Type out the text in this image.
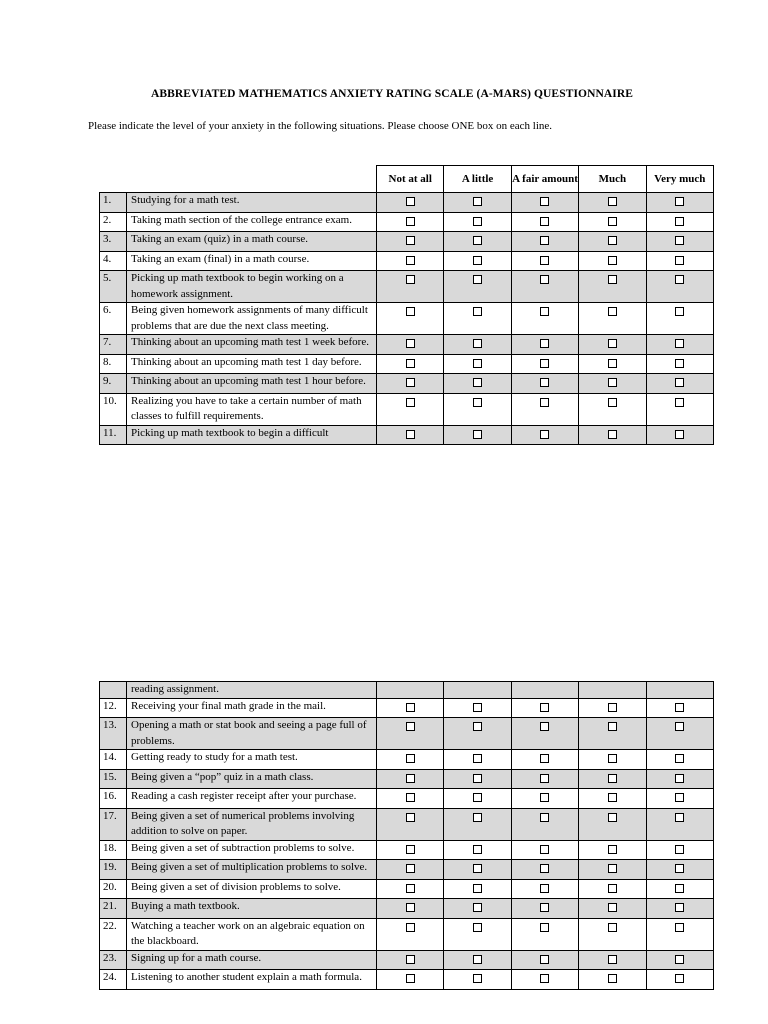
ABBREVIATED MATHEMATICS ANXIETY RATING SCALE (A-MARS) QUESTIONNAIRE
Please indicate the level of your anxiety in the following situations. Please choose ONE box on each line.
		Not at all	A little	A fair amount	Much	Very much
1.	Studying for a math test.					
2.	Taking math section of the college entrance exam.					
3.	Taking an exam (quiz) in a math course.					
4.	Taking an exam (final) in a math course.					
5.	Picking up math textbook to begin working on a homework assignment.					
6.	Being given homework assignments of many difficult problems that are due the next class meeting.					
7.	Thinking about an upcoming math test 1 week before.					
8.	Thinking about an upcoming math test 1 day before.					
9.	Thinking about an upcoming math test 1 hour before.					
10.	Realizing you have to take a certain number of math classes to fulfill requirements.					
11.	Picking up math textbook to begin a difficult					
	reading assignment.					
12.	Receiving your final math grade in the mail.					
13.	Opening a math or stat book and seeing a page full of problems.					
14.	Getting ready to study for a math test.					
15.	Being given a “pop” quiz in a math class.					
16.	Reading a cash register receipt after your purchase.					
17.	Being given a set of numerical problems involving addition to solve on paper.					
18.	Being given a set of subtraction problems to solve.					
19.	Being given a set of multiplication problems to solve.					
20.	Being given a set of division problems to solve.					
21.	Buying a math textbook.					
22.	Watching a teacher work on an algebraic equation on the blackboard.					
23.	Signing up for a math course.					
24.	Listening to another student explain a math formula.					
